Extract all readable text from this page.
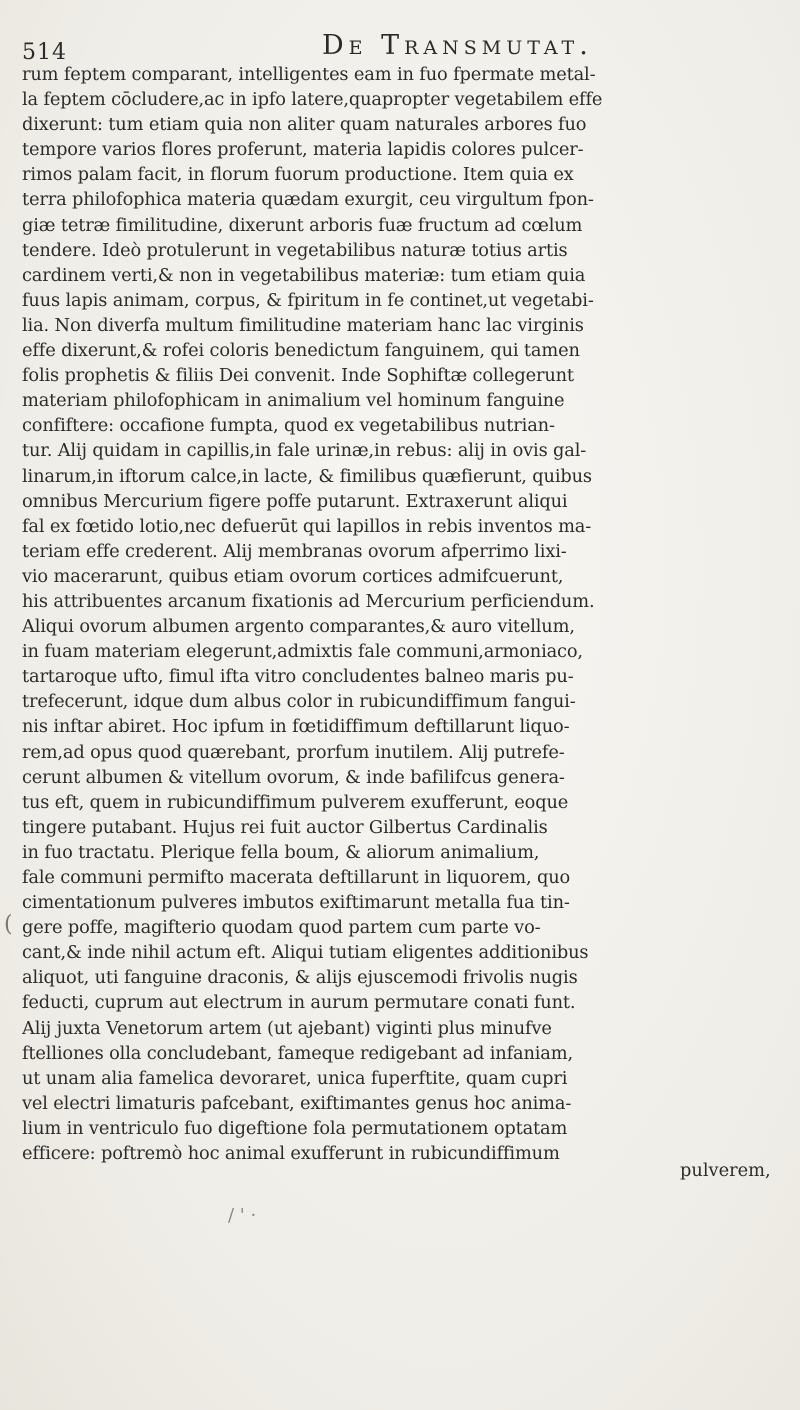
514	De Transmutat.
rum feptem comparant, intelligentes eam in fuo fpermate metal-
la feptem cōcludere,ac in ipfo latere,quapropter vegetabilem effe
dixerunt: tum etiam quia non aliter quam naturales arbores fuo
tempore varios flores proferunt, materia lapidis colores pulcer-
rimos palam facit, in florum fuorum productione. Item quia ex
terra philofophica materia quædam exurgit, ceu virgultum fpon-
giæ tetræ fimilitudine, dixerunt arboris fuæ fructum ad cœlum
tendere. Ideò protulerunt in vegetabilibus naturæ totius artis
cardinem verti,& non in vegetabilibus materiæ: tum etiam quia
fuus lapis animam, corpus, & fpiritum in fe continet,ut vegetabi-
lia. Non diverfa multum fimilitudine materiam hanc lac virginis
effe dixerunt,& rofei coloris benedictum fanguinem, qui tamen
folis prophetis & filiis Dei convenit. Inde Sophiftæ collegerunt
materiam philofophicam in animalium vel hominum fanguine
confiftere: occafione fumpta, quod ex vegetabilibus nutrian-
tur. Alij quidam in capillis,in fale urinæ,in rebus: alij in ovis gal-
linarum,in iftorum calce,in lacte, & fimilibus quæfierunt, quibus
omnibus Mercurium figere poffe putarunt. Extraxerunt aliqui
fal ex fœtido lotio,nec defuerūt qui lapillos in rebis inventos ma-
teriam effe crederent. Alij membranas ovorum afperrimo lixi-
vio macerarunt, quibus etiam ovorum cortices admifcuerunt,
his attribuentes arcanum fixationis ad Mercurium perficiendum.
Aliqui ovorum albumen argento comparantes,& auro vitellum,
in fuam materiam elegerunt,admixtis fale communi,armoniaco,
tartaroque ufto, fimul ifta vitro concludentes balneo maris pu-
trefecerunt, idque dum albus color in rubicundiffimum fangui-
nis inftar abiret. Hoc ipfum in fœtidiffimum deftillarunt liquo-
rem,ad opus quod quærebant, prorfum inutilem. Alij putrefe-
cerunt albumen & vitellum ovorum, & inde bafilifcus genera-
tus eft, quem in rubicundiffimum pulverem exufferunt, eoque
tingere putabant. Hujus rei fuit auctor Gilbertus Cardinalis
in fuo tractatu. Plerique fella boum, & aliorum animalium,
fale communi permifto macerata deftillarunt in liquorem, quo
cimentationum pulveres imbutos exiftimarunt metalla fua tin-
gere poffe, magifterio quodam quod partem cum parte vo-
cant,& inde nihil actum eft. Aliqui tutiam eligentes additionibus
aliquot, uti fanguine draconis, & alijs ejuscemodi frivolis nugis
feducti, cuprum aut electrum in aurum permutare conati funt.
Alij juxta Venetorum artem (ut ajebant) viginti plus minufve
ftelliones olla concludebant, fameque redigebant ad infaniam,
ut unam alia famelica devoraret, unica fuperftite, quam cupri
vel electri limaturis pafcebant, exiftimantes genus hoc anima-
lium in ventriculo fuo digeftione fola permutationem optatam
efficere: poftremò hoc animal exufferunt in rubicundiffimum
(
pulverem,
/ ' ·
